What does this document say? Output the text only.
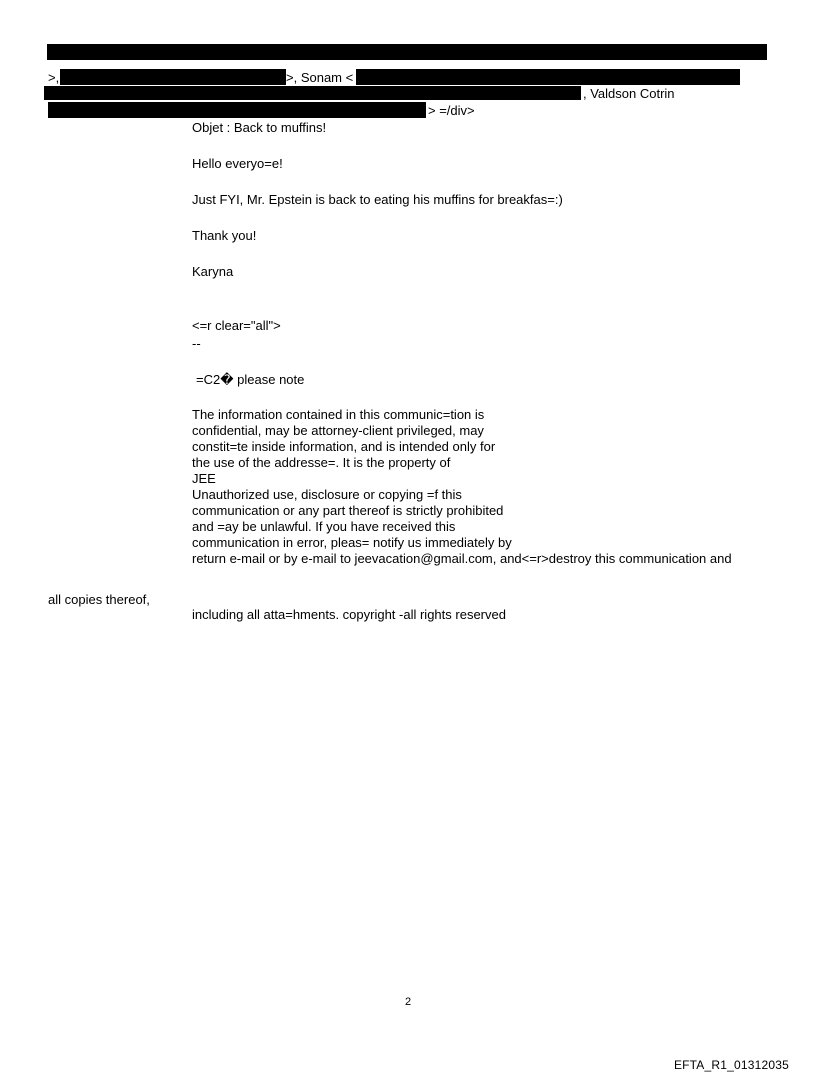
>,	>, Sonam <
, Valdson Cotrin
> =/div>
Objet : Back to muffins!
Hello everyo=e!
Just FYI, Mr. Epstein is back to eating his muffins for breakfas=:)
Thank you!
Karyna
<=r clear="all">
--
=C2� please note
The information contained in this communic=tion is
confidential, may be attorney-client privileged, may
constit=te inside information, and is intended only for
the use of the addresse=. It is the property of
JEE
Unauthorized use, disclosure or copying =f this
communication or any part thereof is strictly prohibited
and =ay be unlawful. If you have received this
communication in error, pleas= notify us immediately by
return e-mail or by e-mail to jeevacation@gmail.com, and<=r>destroy this communication and
all copies thereof,
including all atta=hments. copyright -all rights reserved
2
EFTA_R1_01312035
